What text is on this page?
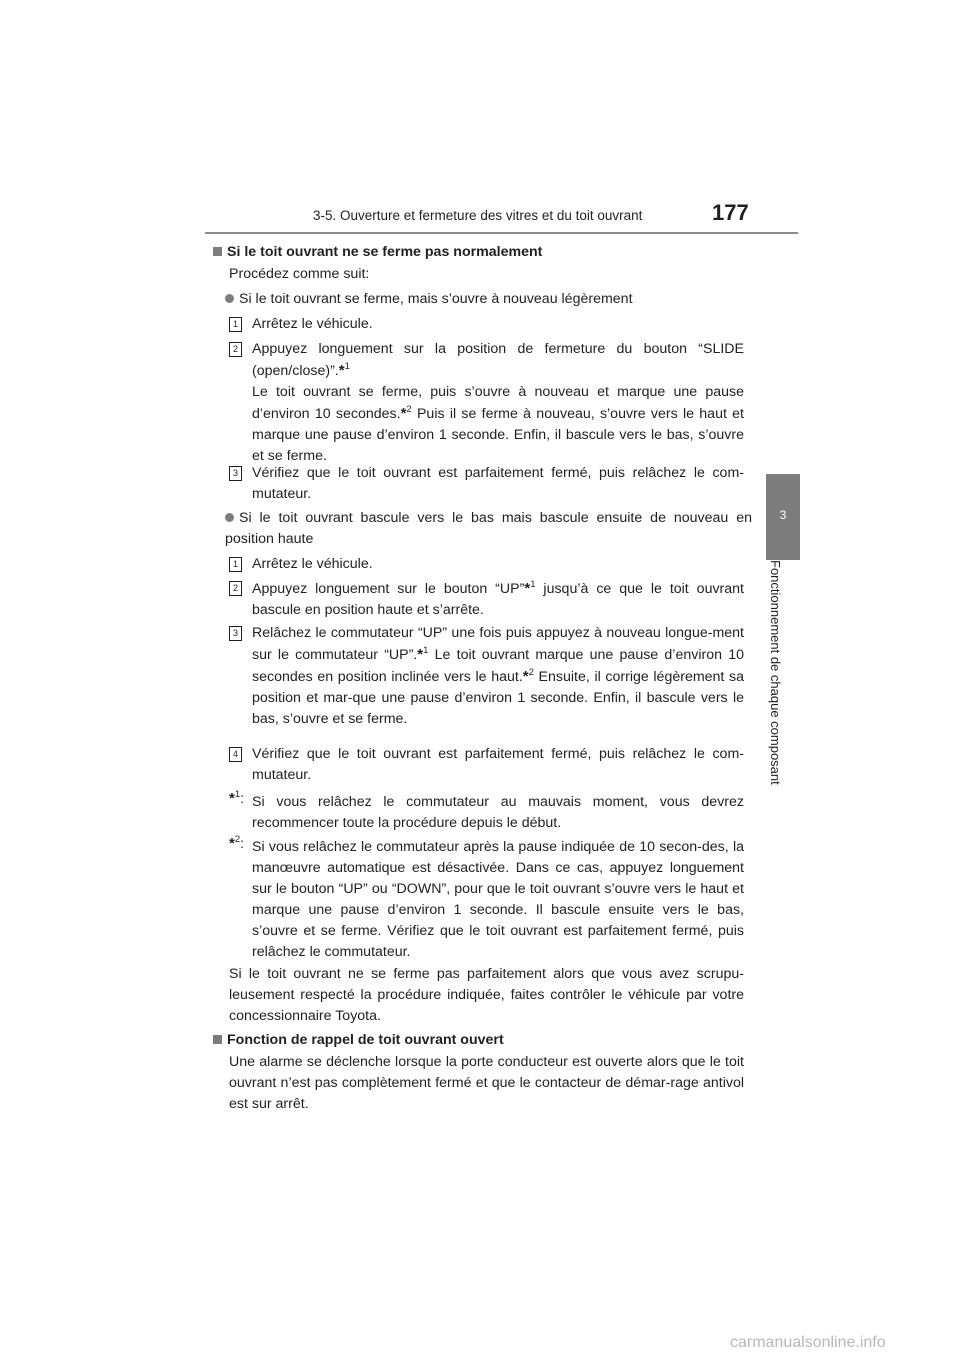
3-5. Ouverture et fermeture des vitres et du toit ouvrant	177
3
Fonctionnement de chaque composant

Si le toit ouvrant ne se ferme pas normalement

Procédez comme suit:

Si le toit ouvrant se ferme, mais s’ouvre à nouveau légèrement

1 Arrêtez le véhicule.

2 Appuyez longuement sur la position de fermeture du bouton “SLIDE (open/close)”.*$^1$
Le toit ouvrant se ferme, puis s’ouvre à nouveau et marque une pause d’environ 10 secondes.*$^2$ Puis il se ferme à nouveau, s’ouvre vers le haut et marque une pause d’environ 1 seconde. Enfin, il bascule vers le bas, s’ouvre et se ferme.

3 Vérifiez que le toit ouvrant est parfaitement fermé, puis relâchez le com-mutateur.

Si le toit ouvrant bascule vers le bas mais bascule ensuite de nouveau en position haute

1 Arrêtez le véhicule.

2 Appuyez longuement sur le bouton “UP”*$^1$ jusqu’à ce que le toit ouvrant bascule en position haute et s’arrête.

3 Relâchez le commutateur “UP” une fois puis appuyez à nouveau longue-ment sur le commutateur “UP”.*$^1$ Le toit ouvrant marque une pause d’environ 10 secondes en position inclinée vers le haut.*$^2$ Ensuite, il corrige légèrement sa position et mar-que une pause d’environ 1 seconde. Enfin, il bascule vers le bas, s’ouvre et se ferme.

4 Vérifiez que le toit ouvrant est parfaitement fermé, puis relâchez le com-mutateur.

*$^1$: Si vous relâchez le commutateur au mauvais moment, vous devrez recommencer toute la procédure depuis le début.

*$^2$: Si vous relâchez le commutateur après la pause indiquée de 10 secon-des, la manœuvre automatique est désactivée. Dans ce cas, appuyez longuement sur le bouton “UP” ou “DOWN”, pour que le toit ouvrant s’ouvre vers le haut et marque une pause d’environ 1 seconde. Il bascule ensuite vers le bas, s’ouvre et se ferme. Vérifiez que le toit ouvrant est parfaitement fermé, puis relâchez le commutateur.

Si le toit ouvrant ne se ferme pas parfaitement alors que vous avez scrupu-leusement respecté la procédure indiquée, faites contrôler le véhicule par votre concessionnaire Toyota.

Fonction de rappel de toit ouvrant ouvert

Une alarme se déclenche lorsque la porte conducteur est ouverte alors que le toit ouvrant n’est pas complètement fermé et que le contacteur de démar-rage antivol est sur arrêt.

carmanualsonline.info
